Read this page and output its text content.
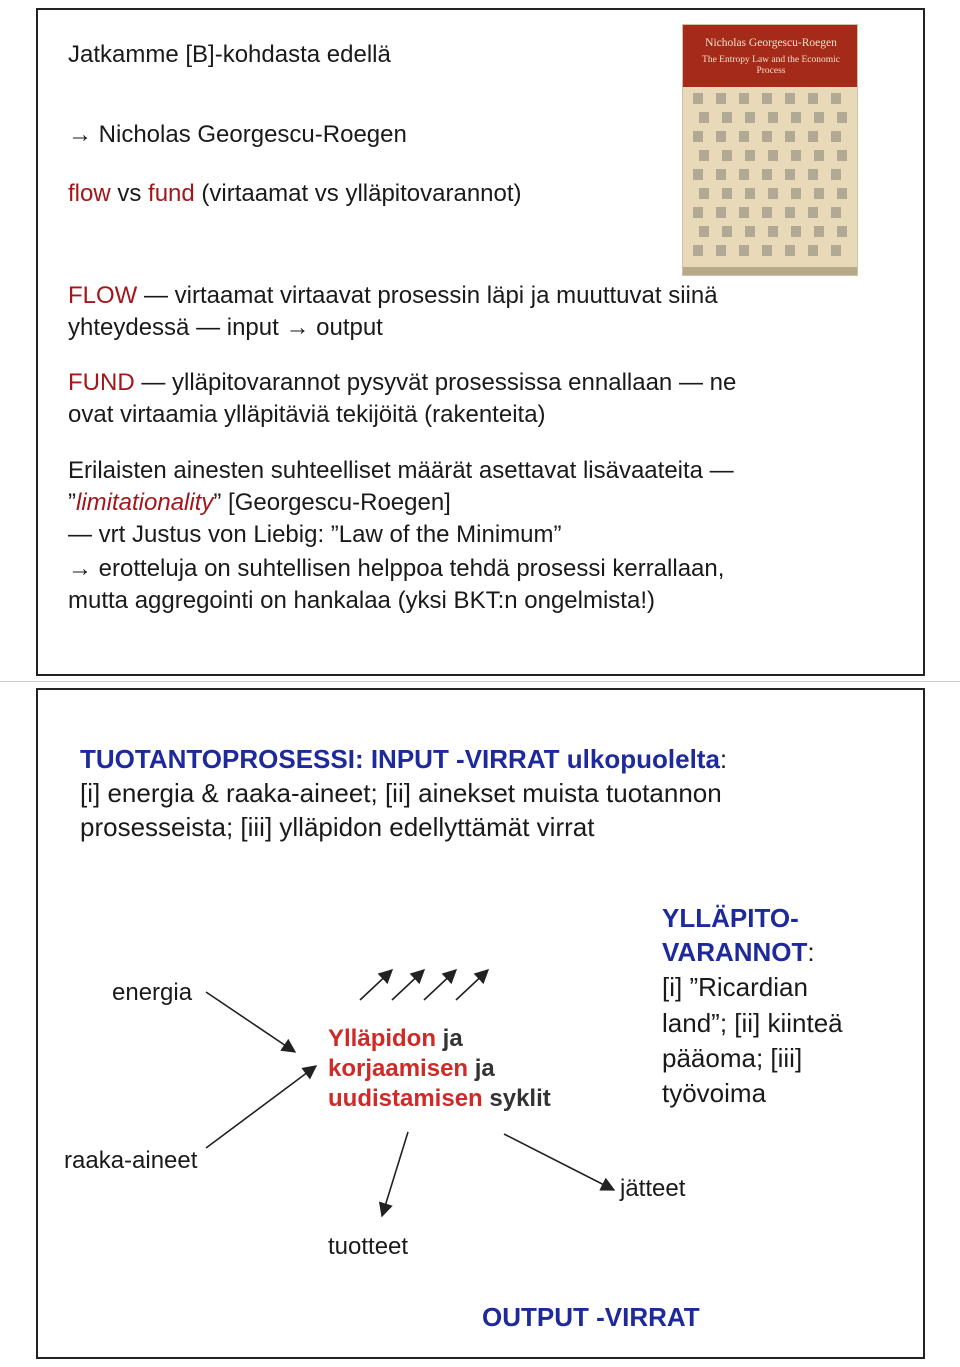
Jatkamme [B]-kohdasta edellä
→ Nicholas Georgescu-Roegen
flow vs fund (virtaamat vs ylläpitovarannot)
FLOW — virtaamat virtaavat prosessin läpi ja muuttuvat siinä
yhteydessä — input → output
FUND — ylläpitovarannot pysyvät prosessissa ennallaan — ne
ovat virtaamia ylläpitäviä tekijöitä (rakenteita)
Erilaisten ainesten suhteelliset määrät asettavat lisävaateita —
”limitationality” [Georgescu-Roegen]
— vrt Justus von Liebig: ”Law of the Minimum”
→ erotteluja on suhtellisen helppoa tehdä prosessi kerrallaan,
mutta aggregointi on hankalaa (yksi BKT:n ongelmista!)
Nicholas Georgescu-Roegen
The Entropy Law and the Economic Process
TUOTANTOPROSESSI: INPUT -VIRRAT ulkopuolelta:
[i] energia & raaka-aineet; [ii] ainekset muista tuotannon
prosesseista; [iii] ylläpidon edellyttämät virrat
energia
raaka-aineet
Ylläpidon ja
korjaamisen ja
uudistamisen syklit
YLLÄPITO-
VARANNOT:
[i] ”Ricardian
land”; [ii] kiinteä
pääoma; [iii]
työvoima
tuotteet
jätteet
OUTPUT -VIRRAT
